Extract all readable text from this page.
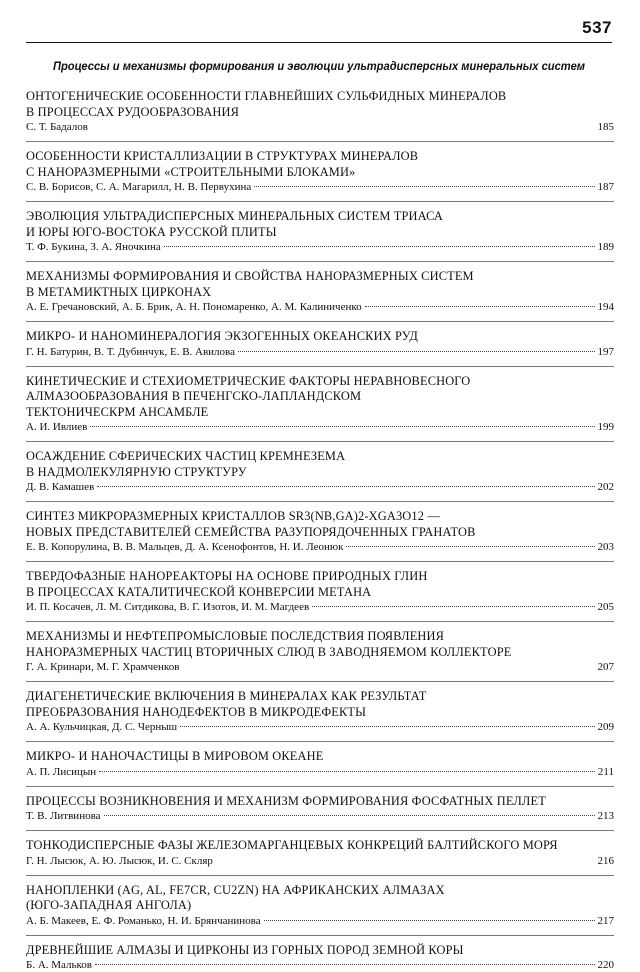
537
Процессы и механизмы формирования и эволюции ультрадисперсных минеральных систем
ОНТОГЕНИЧЕСКИЕ ОСОБЕННОСТИ ГЛАВНЕЙШИХ СУЛЬФИДНЫХ МИНЕРАЛОВ
В ПРОЦЕССАХ РУДООБРАЗОВАНИЯ
С. Т. Бадалов	185
ОСОБЕННОСТИ КРИСТАЛЛИЗАЦИИ В СТРУКТУРАХ МИНЕРАЛОВ
С НАНОРАЗМЕРНЫМИ «СТРОИТЕЛЬНЫМИ БЛОКАМИ»
С. В. Борисов, С. А. Магарилл, Н. В. Первухина	187
ЭВОЛЮЦИЯ УЛЬТРАДИСПЕРСНЫХ МИНЕРАЛЬНЫХ СИСТЕМ ТРИАСА
И ЮРЫ ЮГО-ВОСТОКА РУССКОЙ ПЛИТЫ
Т. Ф. Букина, З. А. Яночкина	189
МЕХАНИЗМЫ ФОРМИРОВАНИЯ И СВОЙСТВА НАНОРАЗМЕРНЫХ СИСТЕМ
В МЕТАМИКТНЫХ ЦИРКОНАХ
А. Е. Гречановский, А. Б. Брик, А. Н. Пономаренко, А. М. Калиниченко	194
МИКРО- И НАНОМИНЕРАЛОГИЯ ЭКЗОГЕННЫХ ОКЕАНСКИХ РУД
Г. Н. Батурин, В. Т. Дубинчук, Е. В. Авилова	197
КИНЕТИЧЕСКИЕ И СТЕХИОМЕТРИЧЕСКИЕ ФАКТОРЫ НЕРАВНОВЕСНОГО
АЛМАЗООБРАЗОВАНИЯ В ПЕЧЕНГСКО-ЛАПЛАНДСКОМ
ТЕКТОНИЧЕСКРМ АНСАМБЛЕ
А. И. Ивлиев	199
ОСАЖДЕНИЕ СФЕРИЧЕСКИХ ЧАСТИЦ КРЕМНЕЗЕМА
В НАДМОЛЕКУЛЯРНУЮ СТРУКТУРУ
Д. В. Камашев	202
СИНТЕЗ МИКРОРАЗМЕРНЫХ КРИСТАЛЛОВ SR3(NB,GA)2-XGA3O12 —
НОВЫХ ПРЕДСТАВИТЕЛЕЙ СЕМЕЙСТВА РАЗУПОРЯДОЧЕННЫХ ГРАНАТОВ
Е. В. Копорулина, В. В. Мальцев, Д. А. Ксенофонтов, Н. И. Леонюк	203
ТВЕРДОФАЗНЫЕ НАНОРЕАКТОРЫ НА ОСНОВЕ ПРИРОДНЫХ ГЛИН
В ПРОЦЕССАХ КАТАЛИТИЧЕСКОЙ КОНВЕРСИИ МЕТАНА
И. П. Косачев, Л. М. Ситдикова, В. Г. Изотов, И. М. Магдеев	205
МЕХАНИЗМЫ И НЕФТЕПРОМЫСЛОВЫЕ ПОСЛЕДСТВИЯ ПОЯВЛЕНИЯ
НАНОРАЗМЕРНЫХ ЧАСТИЦ ВТОРИЧНЫХ СЛЮД В ЗАВОДНЯЕМОМ КОЛЛЕКТОРЕ
Г. А. Кринари, М. Г. Храмченков	207
ДИАГЕНЕТИЧЕСКИЕ ВКЛЮЧЕНИЯ В МИНЕРАЛАХ КАК РЕЗУЛЬТАТ
ПРЕОБРАЗОВАНИЯ НАНОДЕФЕКТОВ В МИКРОДЕФЕКТЫ
А. А. Кульчицкая, Д. С. Черныш	209
МИКРО- И НАНОЧАСТИЦЫ В МИРОВОМ ОКЕАНЕ
А. П. Лисицын	211
ПРОЦЕССЫ ВОЗНИКНОВЕНИЯ И МЕХАНИЗМ ФОРМИРОВАНИЯ ФОСФАТНЫХ ПЕЛЛЕТ
Т. В. Литвинова	213
ТОНКОДИСПЕРСНЫЕ ФАЗЫ ЖЕЛЕЗОМАРГАНЦЕВЫХ КОНКРЕЦИЙ БАЛТИЙСКОГО МОРЯ
Г. Н. Лысюк, А. Ю. Лысюк, И. С. Скляр	216
НАНОПЛЕНКИ (AG, AL, FE7CR, CU2ZN) НА АФРИКАНСКИХ АЛМАЗАХ
(ЮГО-ЗАПАДНАЯ АНГОЛА)
А. Б. Макеев, Е. Ф. Романько, Н. И. Брянчанинова	217
ДРЕВНЕЙШИЕ АЛМАЗЫ И ЦИРКОНЫ ИЗ ГОРНЫХ ПОРОД ЗЕМНОЙ КОРЫ
Б. А. Мальков	220
